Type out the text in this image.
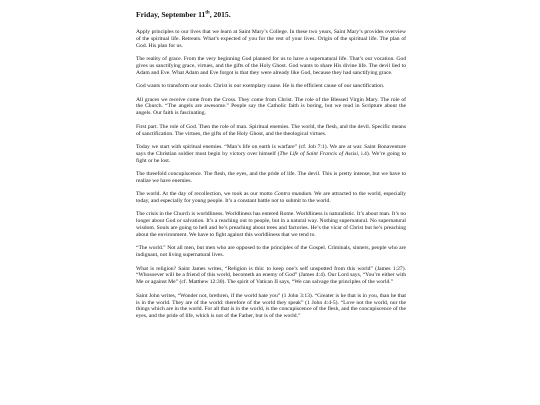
Friday, September 11th, 2015.

Apply principles to our lives that we learn at Saint Mary’s College. In these two years, Saint Mary’s provides overview of the spiritual life. Retreats. What’s expected of you for the rest of your lives. Origin of the spiritual life. The plan of God. His plan for us.

The reality of grace. From the very beginning God planned for us to have a supernatural life. That’s our vocation. God gives us sanctifying grace, virtues, and the gifts of the Holy Ghost. God wants to share His divine life. The devil lied to Adam and Eve. What Adam and Eve forgot is that they were already like God, because they had sanctifying grace.

God wants to transform our souls. Christ is our exemplary cause. He is the efficient cause of our sanctification.

All graces we receive come from the Cross. They come from Christ. The role of the Blessed Virgin Mary. The role of the Church. “The angels are awesome.” People say the Catholic faith is boring, but we read in Scripture about the angels. Our faith is fascinating.

First part. The role of God. Then the role of man. Spiritual enemies. The world, the flesh, and the devil. Specific means of sanctification. The virtues, the gifts of the Holy Ghost, and the theological virtues.

Today we start with spiritual enemies. “Man’s life on earth is warfare” (cf. Job 7:1). We are at war. Saint Bonaventure says the Christian soldier must begin by victory over himself (The Life of Saint Francis of Assisi, i.4). We’re going to fight or be lost.

The threefold concupiscence. The flesh, the eyes, and the pride of life. The devil. This is pretty intense, but we have to realize we have enemies.

The world. At the day of recollection, we took as our motto Contra mundum. We are attracted to the world, especially today, and especially for young people. It’s a constant battle not to submit to the world.

The crisis in the Church is worldliness. Worldliness has entered Rome. Worldliness is naturalistic. It’s about man. It’s no longer about God or salvation. It’s a reaching out to people, but in a natural way. Nothing supernatural. No supernatural wisdom. Souls are going to hell and he’s preaching about trees and factories. He’s the vicar of Christ but he’s preaching about the environment. We have to fight against this worldliness that we tend to.

“The world.” Not all men, but men who are opposed to the principles of the Gospel. Criminals, sinners, people who are indignant, not living supernatural lives.

What is religion? Saint James writes, “Religion is this: to keep one’s self unspotted from this world” (James 1:27). “Whosoever will be a friend of this world, becometh an enemy of God” (James 4:4). Our Lord says, “You’re either with Me or against Me” (cf. Matthew 12:30). The spirit of Vatican II says, “We can salvage the principles of the world.”

Saint John writes, “Wonder not, brethren, if the world hate you” (1 John 3:13). “Greater is he that is in you, than he that is in the world. They are of the world: therefore of the world they speak” (1 John 4:4-5). “Love not the world, nor the things which are in the world. For all that is in the world, is the concupiscence of the flesh, and the concupiscence of the eyes, and the pride of life, which is not of the Father, but is of the world.”
